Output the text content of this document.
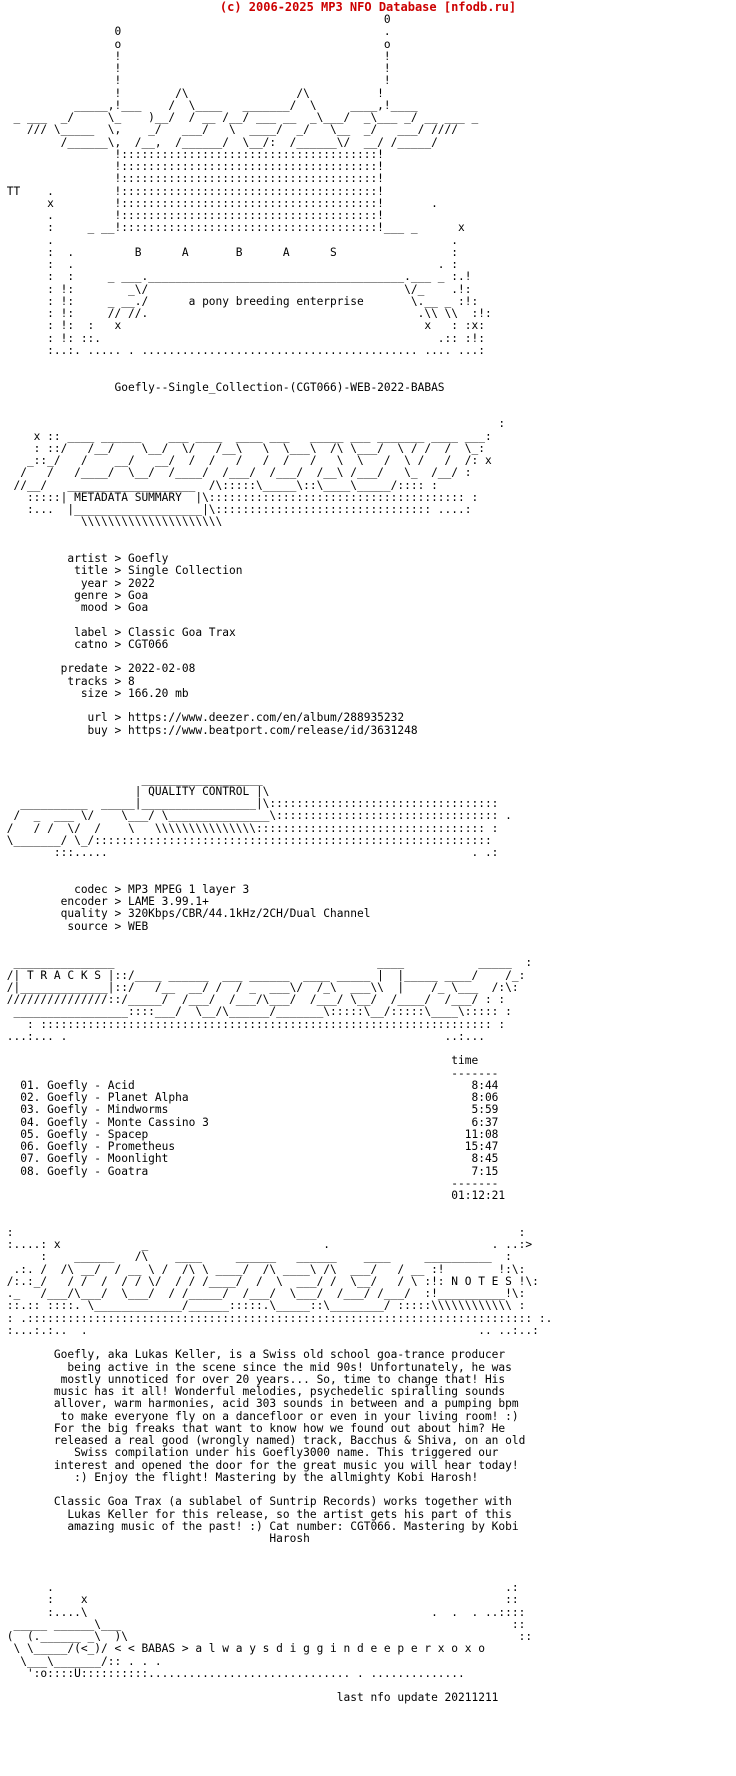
(c) 2006-2025 MP3 NFO Database [nfodb.ru]
0
0                                       .
o                                       o
!                                       !
!                                       !
!                                       !
!        /\                /\          !
_____,!___    /  \____   _______/  \     ____,!____
_ ___  _/     \_    )__/  / __ /__/ ___ __  _\___/  _\___ _/ __ ___ _
/// \_____  \,    _/   ___/   \  ____/  _/   \__  _/   ___/ ////
/______\,  /__,  /______/  \__/:  /______\/  __/ /_____/
!::::::::::::::::::::::::::::::::::::::!
!::::::::::::::::::::::::::::::::::::::!
!::::::::::::::::::::::::::::::::::::::!
TT    .         !::::::::::::::::::::::::::::::::::::::!
x         !::::::::::::::::::::::::::::::::::::::!       .
.         !::::::::::::::::::::::::::::::::::::::!
:     _ __!::::::::::::::::::::::::::::::::::::::!___ _      x
.                                                           .
:  .         B      A       B      A      S                 :
:  .                                                      . :
:  :     _ ___.______________________________________.___ _ :.!
: !:        _\/                                      \/_    .!:
: !:     _ __./      a pony breeding enterprise       \.__ _ :!:
: !:     // //.                                        .\\ \\  :!:
: !:  :   x                                             x   : :x:
: !: ::.                                                  .:: :!:
:..:. ..... . ......................................... .... ...:

Goefly--Single_Collection-(CGT066)-WEB-2022-BABAS

:
x :: ____ ______    ___ ____  ____ ___   _____ ___ _______ ____ ___:
: ::/   /__/    \__/  \/   /__\   \  \___\  /\ \___/  \ / /  /  \_:
_::_/   /    __/   __/  /  /   /   /  /   /   \  \   /  \ /   /  /: x
/   /   /____/  \__/  /____/  /___/  /___/  /__\ /___/   \_  /__/ :
//__/   ___________________  /\:::::\_____\::\____\_____/:::: :
:::::| METADATA SUMMARY  |\:::::::::::::::::::::::::::::::::::::: :
:...  |___________________|\:::::::::::::::::::::::::::::::: ....:
\\\\\\\\\\\\\\\\\\\\\

artist > Goefly
title > Single Collection
year > 2022
genre > Goa
mood > Goa

label > Classic Goa Trax
catno > CGT066

predate > 2022-02-08
tracks > 8
size > 166.20 mb

url > https://www.deezer.com/en/album/288935232
buy > https://www.beatport.com/release/id/3631248

__________________
| QUALITY CONTROL |\
__________  _____|_________________|\::::::::::::::::::::::::::::::::::
/  _  ___ \/    \___/ \_______________\::::::::::::::::::::::::::::::::: .
/   / /  \/  /    \   \\\\\\\\\\\\\\\:::::::::::::::::::::::::::::::::: :
\_______/ \_/:::::::::::::::::::::::::::::::::::::::::::::::::::::::::::
:::.....                                                      . .:

codec > MP3 MPEG 1 layer 3
encoder > LAME 3.99.1+
quality > 320Kbps/CBR/44.1kHz/2CH/Dual Channel
source > WEB

_______________                                       ____           _____  :
/| T R A C K S |::/____ ______  ___ ______  ____ _____ |  |_____ ____/    /_:
/|_____________|::/   /__  __/ /  / _  ___\/  /_\  ___\\  |    /_ \___  /:\:
///////////////::/_____/  /___/  /___/\___/  /___/ \__/  /____/  /___/ : :
_________________::::___/  \__/\______/_______\:::::\__/:::::\____\::::: :
: ::::::::::::::::::::::::::::::::::::::::::::::::::::::::::::::::::: :
...:... .                                                        ..:...

time
-------
01. Goefly - Acid                                                  8:44
02. Goefly - Planet Alpha                                          8:06
03. Goefly - Mindworms                                             5:59
04. Goefly - Monte Cassino 3                                       6:37
05. Goefly - Spacep                                               11:08
06. Goefly - Prometheus                                           15:47
07. Goefly - Moonlight                                             8:45
08. Goefly - Goatra                                                7:15
-------
01:12:21

:                                                                           :
:....: x            _                          .                        . ..:>
:    ______   /\    ____     ______   ______    ____     __________  :
.:. /  /\ __/  / __ \ /  /\ \ ____/  /\ ____\ /\  ___/   / __ :!        !:\:
/:.:_/   / /  /  / / \/  / / /____/  /  \  ___/ /  \__/   / \ :!: N O T E S !\:
._   /___/\___/  \___/  / /_____/  /___/  \___/  /___/ /___/  :!__________!\:
::.:: ::::. \_____________/______:::::.\_____::\________/ :::::\\\\\\\\\\\\ :
: .::::::::::::::::::::::::::::::::::::::::::::::::::::::::::::::::::::::::::: :.
:...:.:..  .                                                          .. ..:..:

Goefly, aka Lukas Keller, is a Swiss old school goa-trance producer
being active in the scene since the mid 90s! Unfortunately, he was
mostly unnoticed for over 20 years... So, time to change that! His
music has it all! Wonderful melodies, psychedelic spiralling sounds
allover, warm harmonies, acid 303 sounds in between and a pumping bpm
to make everyone fly on a dancefloor or even in your living room! :)
For the big freaks that want to know how we found out about him? He
released a real good (wrongly named) track, Bacchus & Shiva, on an old
Swiss compilation under his Goefly3000 name. This triggered our
interest and opened the door for the great music you will hear today!
:) Enjoy the flight! Mastering by the allmighty Kobi Harosh!

Classic Goa Trax (a sublabel of Suntrip Records) works together with
Lukas Keller for this release, so the artist gets his part of this
amazing music of the past! :) Cat number: CGT066. Mastering by Kobi
Harosh

.                                                                   .:
:    x                                                              ::
:....\                                                   .  .  . ..::::
_____ ______\___                                                          ::
(  (.______ _\  )\                                                          ::
\ \_____/(<_)/ < < BABAS > a l w a y s d i g g i n d e e p e r x o x o
\___\_______/:: . . .
':o::::U::::::::::.............................. . ..............

last nfo update 20211211
